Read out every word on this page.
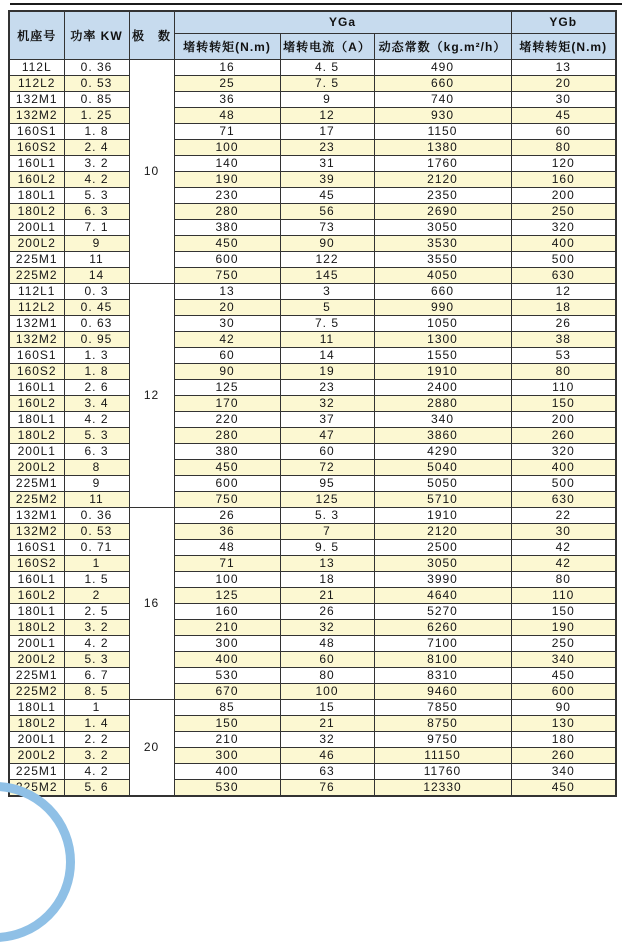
机座号	功率 KW	极　数	YGa			YGb
			堵转转矩(N.m)	堵转电流（A）	动态常数（kg.m²/h）	堵转转矩(N.m)
112L	0. 36	10	16	4. 5	490	13
112L2	0. 53		25	7. 5	660	20
132M1	0. 85		36	9	740	30
132M2	1. 25		48	12	930	45
160S1	1. 8		71	17	1150	60
160S2	2. 4		100	23	1380	80
160L1	3. 2		140	31	1760	120
160L2	4. 2		190	39	2120	160
180L1	5. 3		230	45	2350	200
180L2	6. 3		280	56	2690	250
200L1	7. 1		380	73	3050	320
200L2	9		450	90	3530	400
225M1	11		600	122	3550	500
225M2	14		750	145	4050	630
112L1	0. 3	12	13	3	660	12
112L2	0. 45		20	5	990	18
132M1	0. 63		30	7. 5	1050	26
132M2	0. 95		42	11	1300	38
160S1	1. 3		60	14	1550	53
160S2	1. 8		90	19	1910	80
160L1	2. 6		125	23	2400	110
160L2	3. 4		170	32	2880	150
180L1	4. 2		220	37	340	200
180L2	5. 3		280	47	3860	260
200L1	6. 3		380	60	4290	320
200L2	8		450	72	5040	400
225M1	9		600	95	5050	500
225M2	11		750	125	5710	630
132M1	0. 36	16	26	5. 3	1910	22
132M2	0. 53		36	7	2120	30
160S1	0. 71		48	9. 5	2500	42
160S2	1		71	13	3050	42
160L1	1. 5		100	18	3990	80
160L2	2		125	21	4640	110
180L1	2. 5		160	26	5270	150
180L2	3. 2		210	32	6260	190
200L1	4. 2		300	48	7100	250
200L2	5. 3		400	60	8100	340
225M1	6. 7		530	80	8310	450
225M2	8. 5		670	100	9460	600
180L1	1	20	85	15	7850	90
180L2	1. 4		150	21	8750	130
200L1	2. 2		210	32	9750	180
200L2	3. 2		300	46	11150	260
225M1	4. 2		400	63	11760	340
225M2	5. 6		530	76	12330	450
